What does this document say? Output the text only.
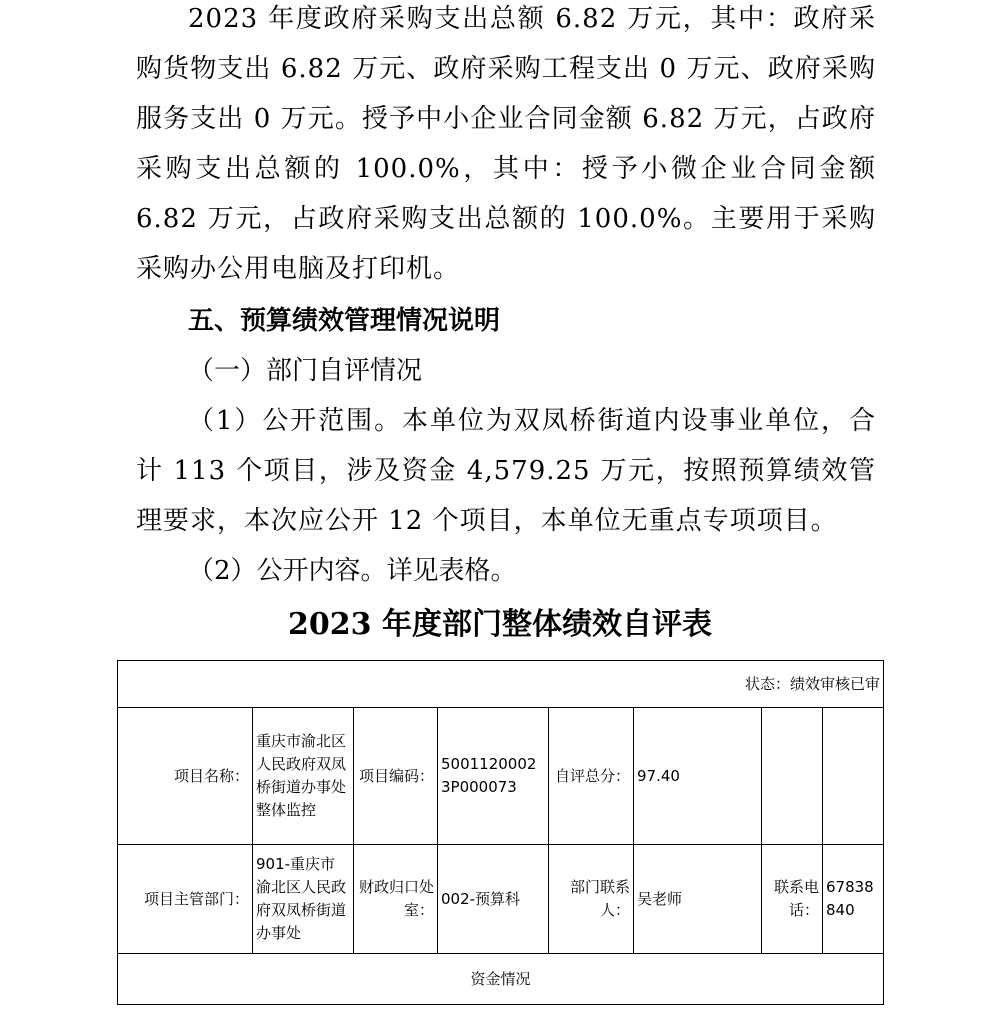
2023 年度政府采购支出总额 6.82 万元，其中：政府采购货物支出 6.82 万元、政府采购工程支出 0 万元、政府采购服务支出 0 万元。授予中小企业合同金额 6.82 万元，占政府采购支出总额的 100.0%，其中：授予小微企业合同金额 6.82 万元，占政府采购支出总额的 100.0%。主要用于采购采购办公用电脑及打印机。

五、预算绩效管理情况说明

（一）部门自评情况

（1）公开范围。本单位为双凤桥街道内设事业单位，合计 113 个项目，涉及资金 4,579.25 万元，按照预算绩效管理要求，本次应公开 12 个项目，本单位无重点专项项目。

（2）公开内容。详见表格。

2023 年度部门整体绩效自评表

状态：绩效审核已审							
项目名称：	重庆市渝北区人民政府双凤桥街道办事处整体监控	项目编码：	50011200023P000073	自评总分：	97.40		
项目主管部门：	901-重庆市渝北区人民政府双凤桥街道办事处	财政归口处室：	002-预算科	部门联系人：	吴老师	联系电话：	67838840
资金情况							
